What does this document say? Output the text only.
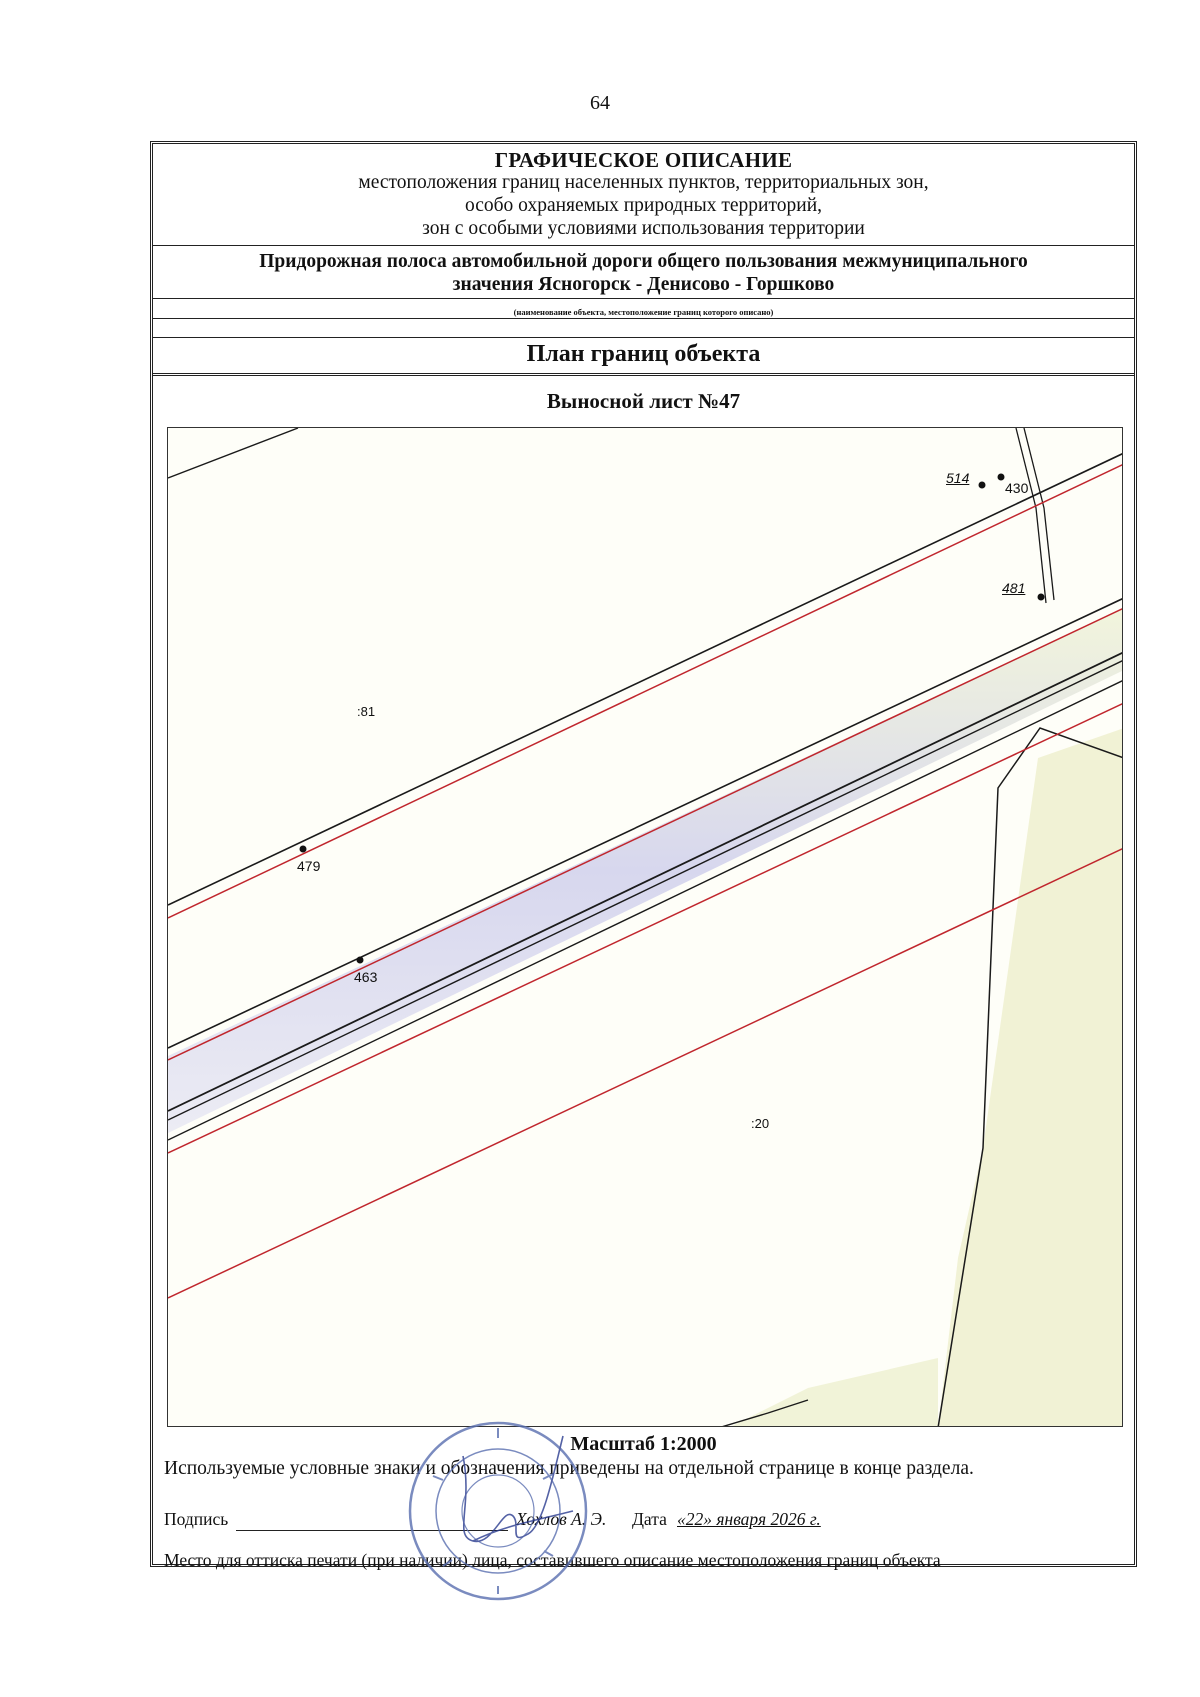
64
ГРАФИЧЕСКОЕ ОПИСАНИЕ
местоположения границ населенных пунктов, территориальных зон,
особо охраняемых природных территорий,
зон с особыми условиями использования территории
Придорожная полоса автомобильной дороги общего пользования межмуниципального
значения Ясногорск - Денисово - Горшково
(наименование объекта, местоположение границ которого описано)
План границ объекта
Выносной лист №47
514
430
481
479
463
:81
:20
Масштаб 1:2000
Используемые условные знаки и обозначения приведены на отдельной странице в конце раздела.
Подпись	Хохлов А. Э. Дата «22» января 2026 г.
Место для оттиска печати (при наличии) лица, составившего описание местоположения границ объекта
